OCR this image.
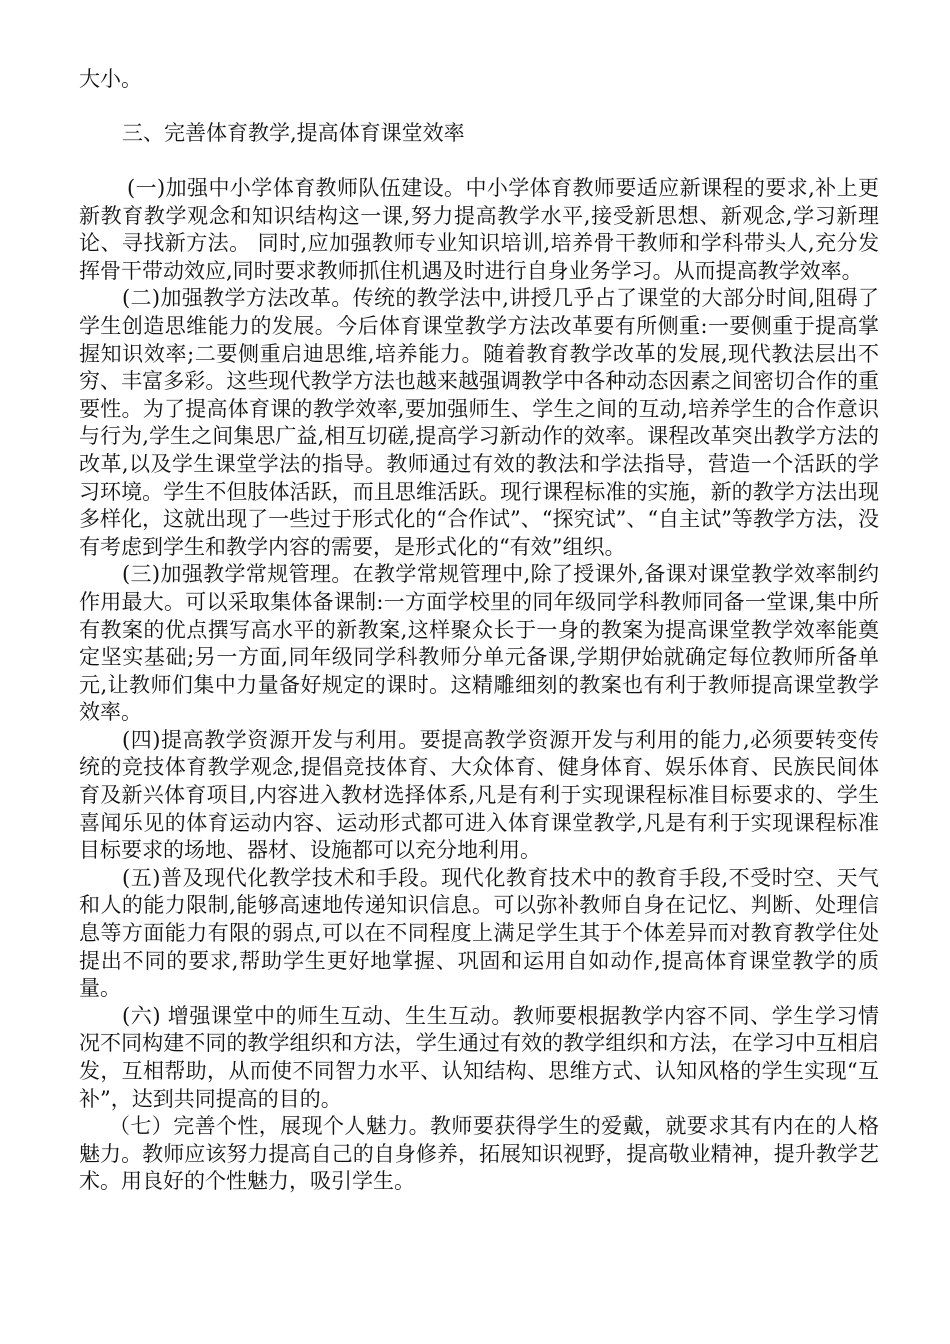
大小。

三、完善体育教学,提高体育课堂效率

(一)加强中小学体育教师队伍建设。中小学体育教师要适应新课程的要求,补上更新教育教学观念和知识结构这一课,努力提高教学水平,接受新思想、新观念,学习新理论、寻找新方法。 同时,应加强教师专业知识培训,培养骨干教师和学科带头人,充分发挥骨干带动效应,同时要求教师抓住机遇及时进行自身业务学习。从而提高教学效率。

(二)加强教学方法改革。传统的教学法中,讲授几乎占了课堂的大部分时间,阻碍了学生创造思维能力的发展。今后体育课堂教学方法改革要有所侧重:一要侧重于提高掌握知识效率;二要侧重启迪思维,培养能力。随着教育教学改革的发展,现代教法层出不穷、丰富多彩。这些现代教学方法也越来越强调教学中各种动态因素之间密切合作的重要性。为了提高体育课的教学效率,要加强师生、学生之间的互动,培养学生的合作意识与行为,学生之间集思广益,相互切磋,提高学习新动作的效率。课程改革突出教学方法的改革,以及学生课堂学法的指导。教师通过有效的教法和学法指导，营造一个活跃的学习环境。学生不但肢体活跃，而且思维活跃。现行课程标准的实施，新的教学方法出现多样化，这就出现了一些过于形式化的“合作试”、“探究试”、“自主试”等教学方法，没有考虑到学生和教学内容的需要，是形式化的“有效”组织。

(三)加强教学常规管理。在教学常规管理中,除了授课外,备课对课堂教学效率制约作用最大。可以采取集体备课制:一方面学校里的同年级同学科教师同备一堂课,集中所有教案的优点撰写高水平的新教案,这样聚众长于一身的教案为提高课堂教学效率能奠定坚实基础;另一方面,同年级同学科教师分单元备课,学期伊始就确定每位教师所备单元,让教师们集中力量备好规定的课时。这精雕细刻的教案也有利于教师提高课堂教学效率。

(四)提高教学资源开发与利用。要提高教学资源开发与利用的能力,必须要转变传统的竞技体育教学观念,提倡竞技体育、大众体育、健身体育、娱乐体育、民族民间体育及新兴体育项目,内容进入教材选择体系,凡是有利于实现课程标准目标要求的、学生喜闻乐见的体育运动内容、运动形式都可进入体育课堂教学,凡是有利于实现课程标准目标要求的场地、器材、设施都可以充分地利用。

(五)普及现代化教学技术和手段。现代化教育技术中的教育手段,不受时空、天气和人的能力限制,能够高速地传递知识信息。可以弥补教师自身在记忆、判断、处理信息等方面能力有限的弱点,可以在不同程度上满足学生其于个体差异而对教育教学住处提出不同的要求,帮助学生更好地掌握、巩固和运用自如动作,提高体育课堂教学的质量。

(六) 增强课堂中的师生互动、生生互动。教师要根据教学内容不同、学生学习情况不同构建不同的教学组织和方法，学生通过有效的教学组织和方法，在学习中互相启发，互相帮助，从而使不同智力水平、认知结构、思维方式、认知风格的学生实现“互补”，达到共同提高的目的。

（七）完善个性，展现个人魅力。教师要获得学生的爱戴，就要求其有内在的人格魅力。教师应该努力提高自己的自身修养，拓展知识视野，提高敬业精神，提升教学艺术。用良好的个性魅力，吸引学生。
